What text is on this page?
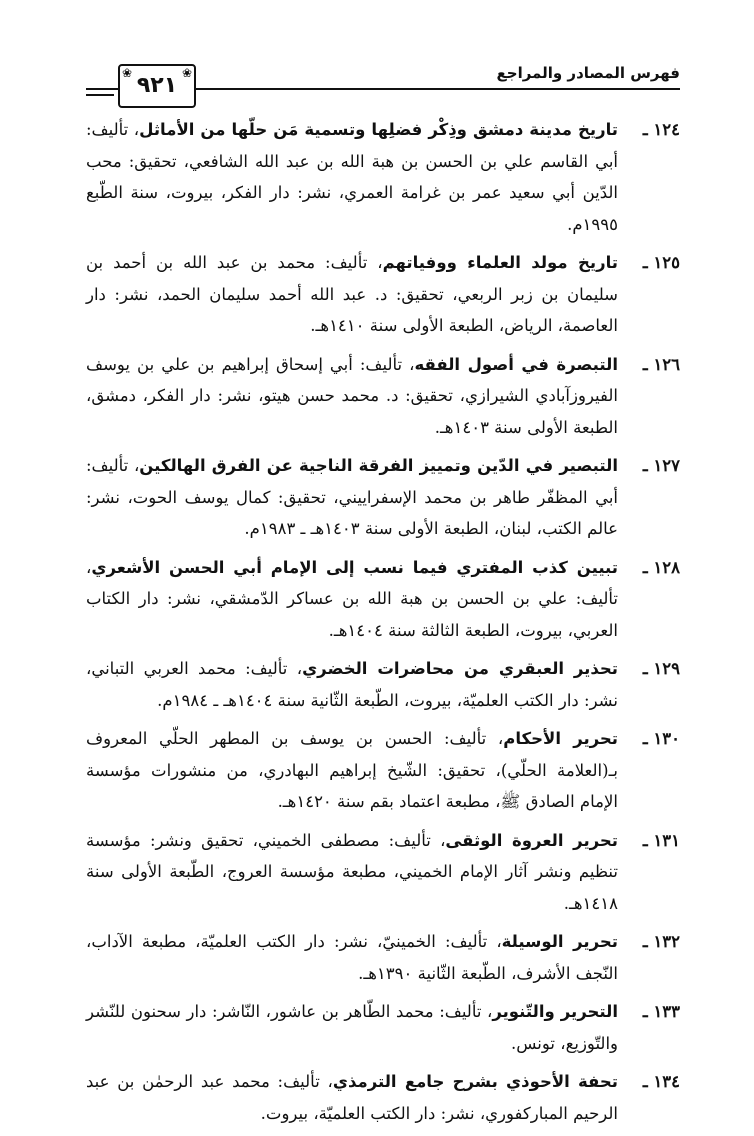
فهرس المصادر والمراجع
❀	❀
٩٢١
١٢٤ ـ
تاريخ مدينة دمشق وذِكْر فضلِها وتسمية مَن حلّها من الأماثل، تأليف: أبي القاسم علي بن الحسن بن هبة الله بن عبد الله الشافعي، تحقيق: محب الدّين أبي سعيد عمر بن غرامة العمري، نشر: دار الفكر، بيروت، سنة الطّبع ١٩٩٥م.
١٢٥ ـ
تاريخ مولد العلماء ووفياتهم، تأليف: محمد بن عبد الله بن أحمد بن سليمان بن زبر الربعي، تحقيق: د. عبد الله أحمد سليمان الحمد، نشر: دار العاصمة، الرياض، الطبعة الأولى سنة ١٤١٠هـ.
١٢٦ ـ
التبصرة في أصول الفقه، تأليف: أبي إسحاق إبراهيم بن علي بن يوسف الفيروزآبادي الشيرازي، تحقيق: د. محمد حسن هيتو، نشر: دار الفكر، دمشق، الطبعة الأولى سنة ١٤٠٣هـ.
١٢٧ ـ
التبصير في الدّين وتمييز الفرقة الناجية عن الفرق الهالكين، تأليف: أبي المظفّر طاهر بن محمد الإسفراييني، تحقيق: كمال يوسف الحوت، نشر: عالم الكتب، لبنان، الطبعة الأولى سنة ١٤٠٣هـ ـ ١٩٨٣م.
١٢٨ ـ
تبيين كذب المفتري فيما نسب إلى الإمام أبي الحسن الأشعري، تأليف: علي بن الحسن بن هبة الله بن عساكر الدّمشقي، نشر: دار الكتاب العربي، بيروت، الطبعة الثالثة سنة ١٤٠٤هـ.
١٢٩ ـ
تحذير العبقري من محاضرات الخضري، تأليف: محمد العربي التباني، نشر: دار الكتب العلميّة، بيروت، الطّبعة الثّانية سنة ١٤٠٤هـ ـ ١٩٨٤م.
١٣٠ ـ
تحرير الأحكام، تأليف: الحسن بن يوسف بن المطهر الحلّي المعروف بـ(العلامة الحلّي)، تحقيق: الشّيخ إبراهيم البهادري، من منشورات مؤسسة الإمام الصادق ﷺ، مطبعة اعتماد بقم سنة ١٤٢٠هـ.
١٣١ ـ
تحرير العروة الوثقى، تأليف: مصطفى الخميني، تحقيق ونشر: مؤسسة تنظيم ونشر آثار الإمام الخميني، مطبعة مؤسسة العروج، الطّبعة الأولى سنة ١٤١٨هـ.
١٣٢ ـ
تحرير الوسيلة، تأليف: الخمينيّ، نشر: دار الكتب العلميّة، مطبعة الآداب، النّجف الأشرف، الطّبعة الثّانية ١٣٩٠هـ.
١٣٣ ـ
التحرير والتّنوير، تأليف: محمد الطّاهر بن عاشور، النّاشر: دار سحنون للنّشر والتّوزيع، تونس.
١٣٤ ـ
تحفة الأحوذي بشرح جامع الترمذي، تأليف: محمد عبد الرحمٰن بن عبد الرحيم المباركفوري، نشر: دار الكتب العلميّة، بيروت.
